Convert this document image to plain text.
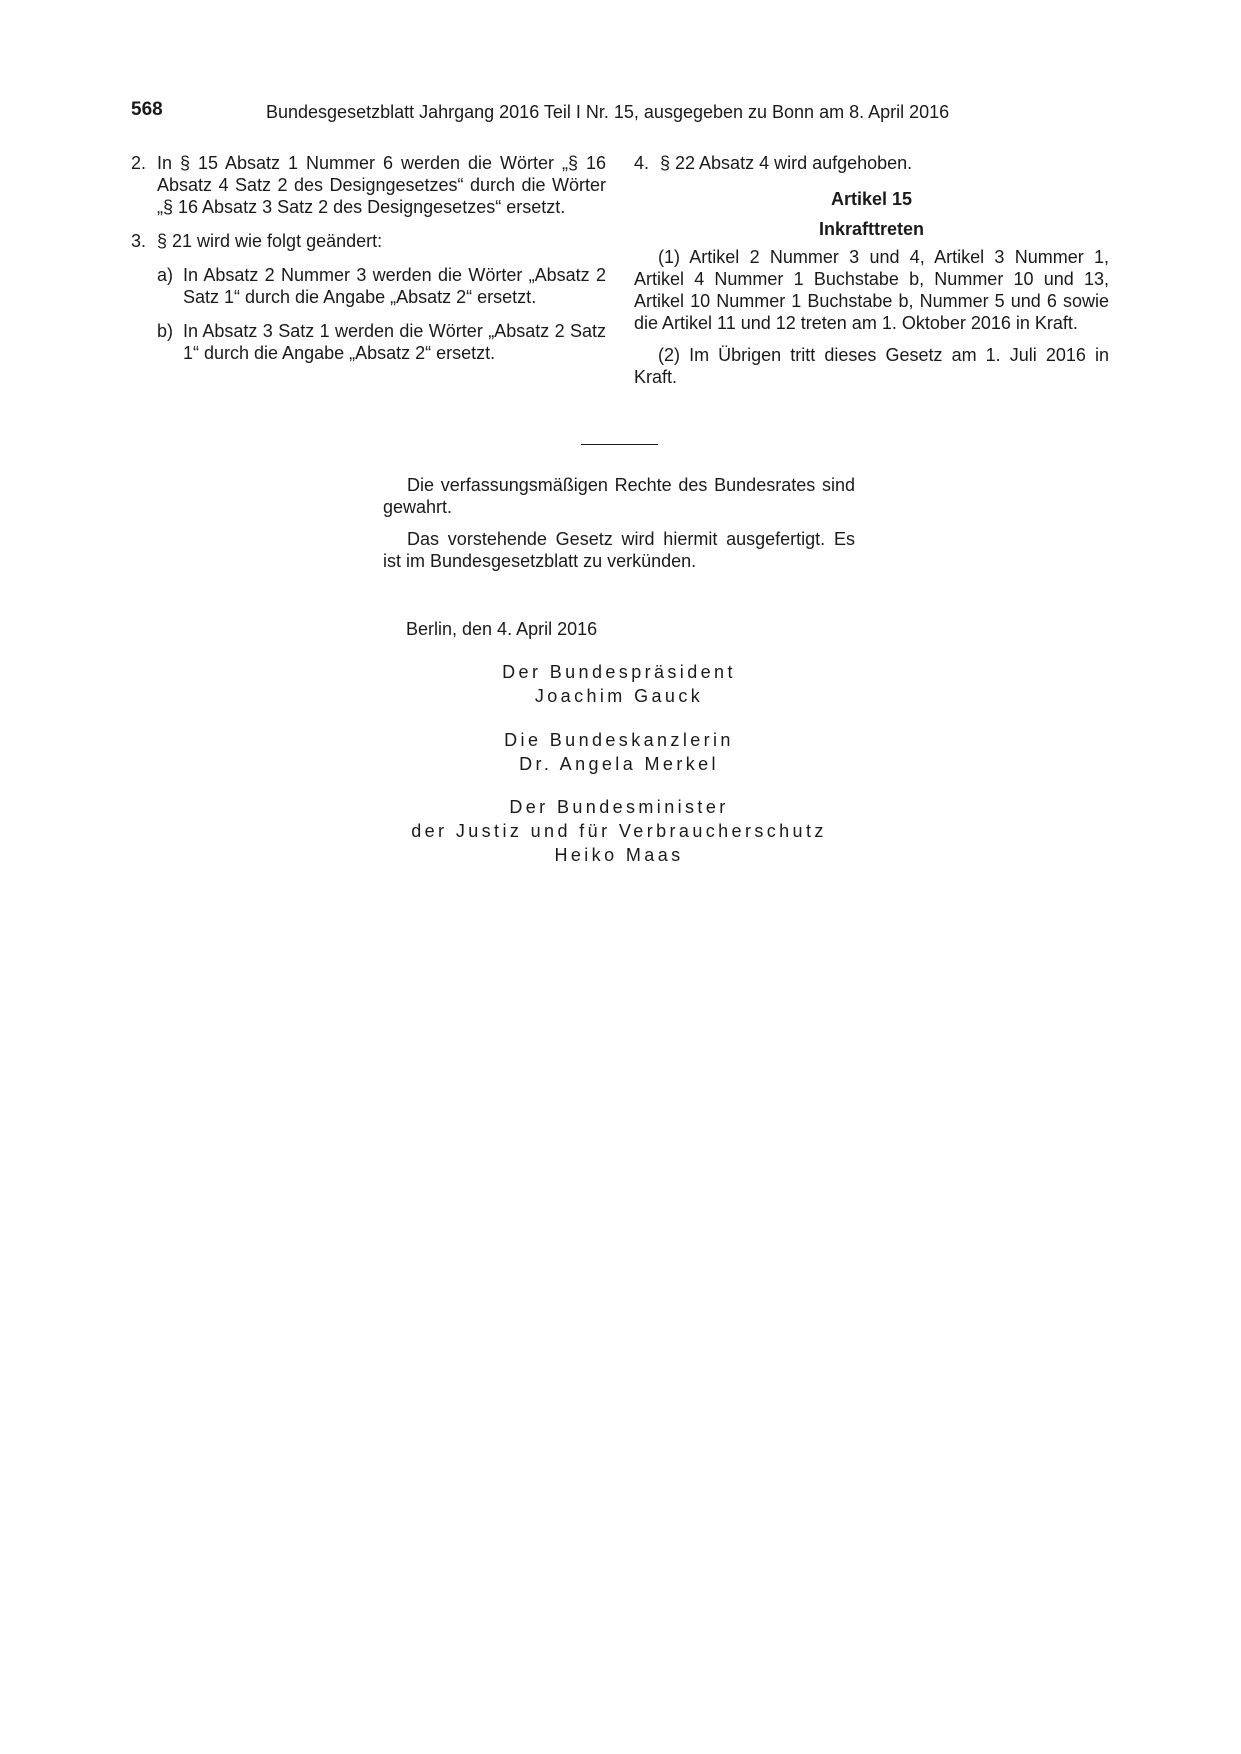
568	Bundesgesetzblatt Jahrgang 2016 Teil I Nr. 15, ausgegeben zu Bonn am 8. April 2016
2. In § 15 Absatz 1 Nummer 6 werden die Wörter „§ 16 Absatz 4 Satz 2 des Designgesetzes“ durch die Wörter „§ 16 Absatz 3 Satz 2 des Designgesetzes“ ersetzt.
3. § 21 wird wie folgt geändert:
a) In Absatz 2 Nummer 3 werden die Wörter „Absatz 2 Satz 1“ durch die Angabe „Absatz 2“ ersetzt.
b) In Absatz 3 Satz 1 werden die Wörter „Absatz 2 Satz 1“ durch die Angabe „Absatz 2“ ersetzt.
4. § 22 Absatz 4 wird aufgehoben.
Artikel 15
Inkrafttreten
(1) Artikel 2 Nummer 3 und 4, Artikel 3 Nummer 1, Artikel 4 Nummer 1 Buchstabe b, Nummer 10 und 13, Artikel 10 Nummer 1 Buchstabe b, Nummer 5 und 6 sowie die Artikel 11 und 12 treten am 1. Oktober 2016 in Kraft.
(2) Im Übrigen tritt dieses Gesetz am 1. Juli 2016 in Kraft.
Die verfassungsmäßigen Rechte des Bundesrates sind gewahrt.
Das vorstehende Gesetz wird hiermit ausgefertigt. Es ist im Bundesgesetzblatt zu verkünden.
Berlin, den 4. April 2016
Der Bundespräsident
Joachim Gauck
Die Bundeskanzlerin
Dr. Angela Merkel
Der Bundesminister
der Justiz und für Verbraucherschutz
Heiko Maas
